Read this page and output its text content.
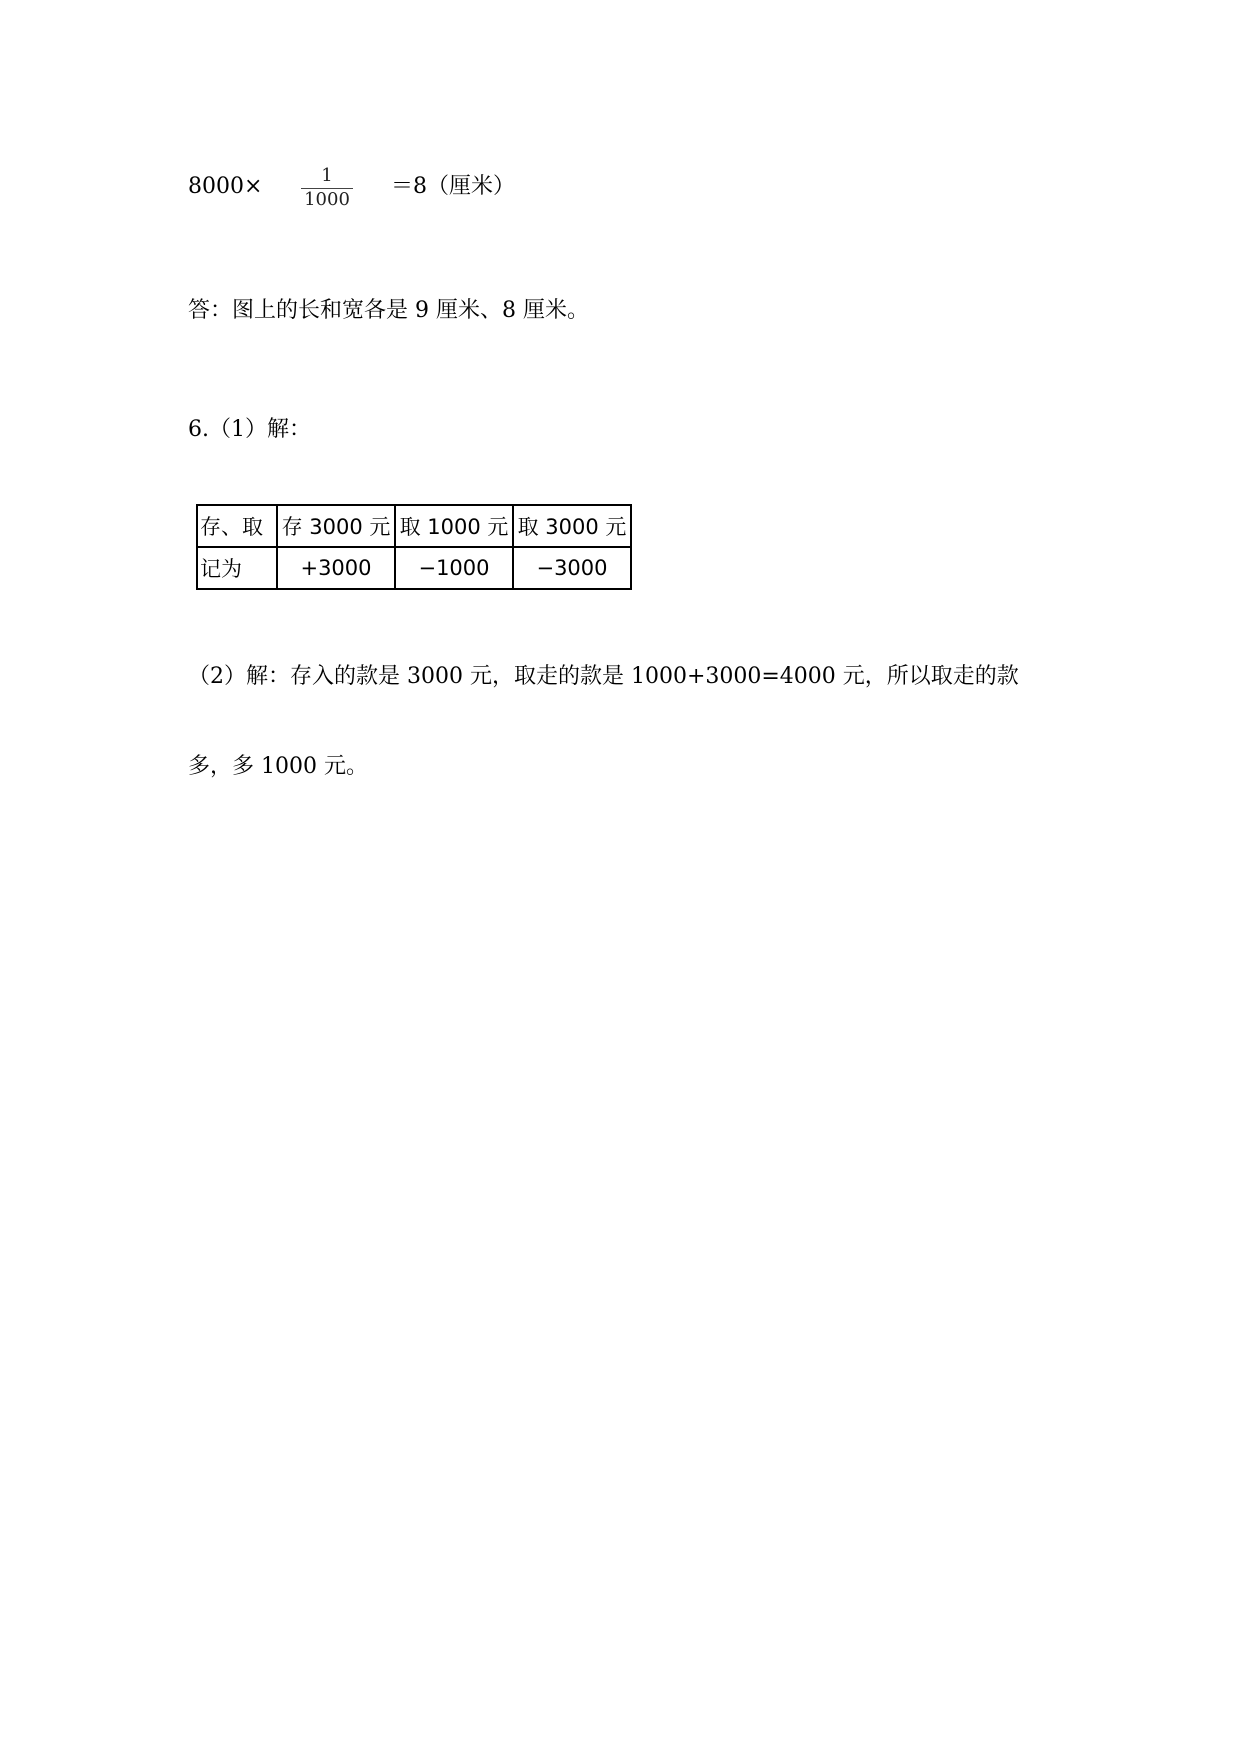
8000×	1
1000
＝8（厘米）
答：图上的长和宽各是 9 厘米、8 厘米。
6.（1）解：
存、取	存 3000 元	取 1000 元	取 3000 元
记为	+3000	−1000	−3000
（2）解：存入的款是 3000 元，取走的款是 1000+3000=4000 元，所以取走的款
多，多 1000 元。
